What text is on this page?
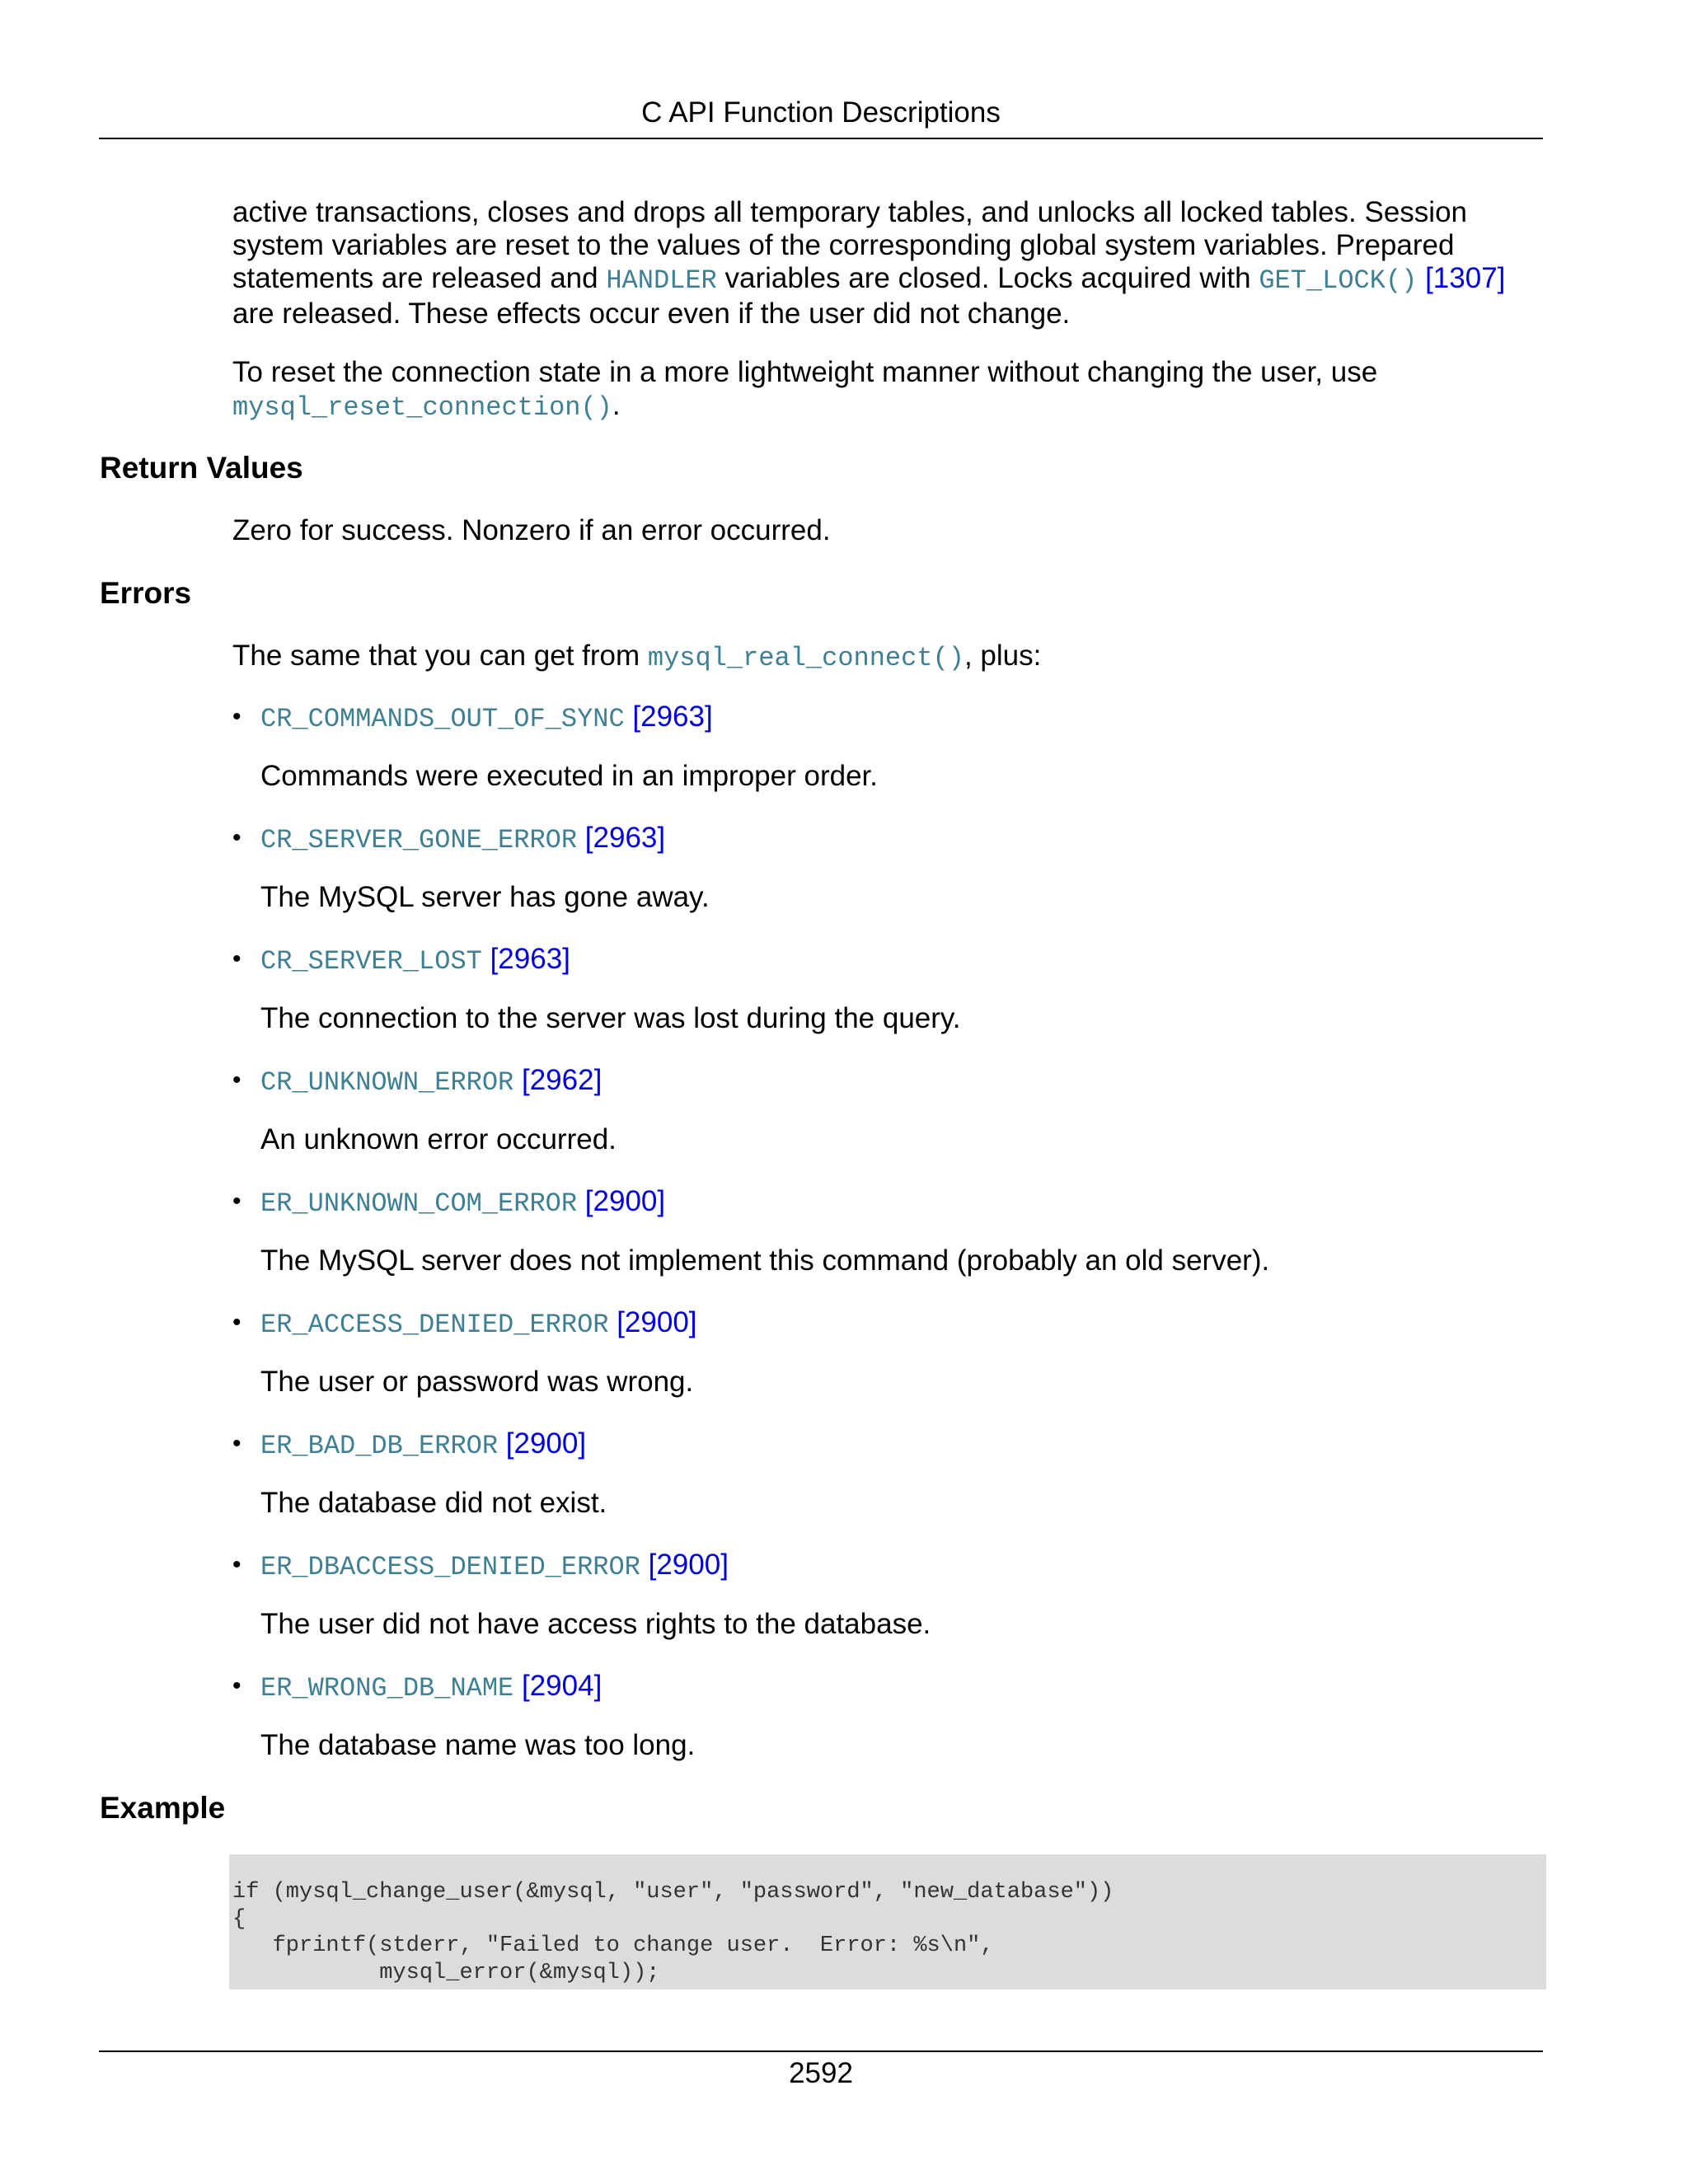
C API Function Descriptions

active transactions, closes and drops all temporary tables, and unlocks all locked tables. Session system variables are reset to the values of the corresponding global system variables. Prepared statements are released and HANDLER variables are closed. Locks acquired with GET_LOCK() [1307] are released. These effects occur even if the user did not change.

To reset the connection state in a more lightweight manner without changing the user, use
mysql_reset_connection().

Return Values

Zero for success. Nonzero if an error occurred.

Errors

The same that you can get from mysql_real_connect(), plus:

• CR_COMMANDS_OUT_OF_SYNC [2963]
Commands were executed in an improper order.
• CR_SERVER_GONE_ERROR [2963]
The MySQL server has gone away.
• CR_SERVER_LOST [2963]
The connection to the server was lost during the query.
• CR_UNKNOWN_ERROR [2962]
An unknown error occurred.
• ER_UNKNOWN_COM_ERROR [2900]
The MySQL server does not implement this command (probably an old server).
• ER_ACCESS_DENIED_ERROR [2900]
The user or password was wrong.
• ER_BAD_DB_ERROR [2900]
The database did not exist.
• ER_DBACCESS_DENIED_ERROR [2900]
The user did not have access rights to the database.
• ER_WRONG_DB_NAME [2904]
The database name was too long.
Example
if (mysql_change_user(&mysql, "user", "password", "new_database"))
{
fprintf(stderr, "Failed to change user.  Error: %s\n",
mysql_error(&mysql));
2592
